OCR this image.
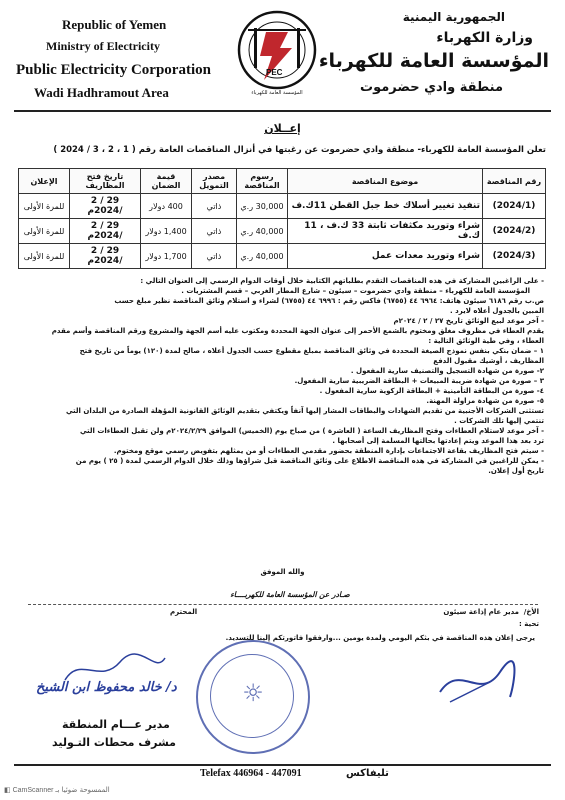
Republic of Yemen
Ministry of Electricity
Public Electricity Corporation
Wadi Hadhramout Area
PEC
المؤسسة العامة للكهرباء
الجمهورية اليمنية
وزارة الكهرباء
المؤسسة العامة للكهرباء
منطقة وادي حضرموت
إعــلان
تعلن المؤسسة العامة للكهرباء- منطقة وادي حضرموت عن رغبتها في أنزال المناقصات العامة رقم ( 1 ، 2 ، 3 / 2024 )
رقم المناقصة	موضوع المناقصة	رسوم المناقصة	مصدر التمويل	قيمة الضمان	تاريخ فتح المظاريف	الإعلان
(2024/1)	تنفيذ تغيير أسلاك خط جبل القطن 11ك.ف	30,000 ر.ي	ذاتي	400 دولار	29 / 2 /2024م	للمرة الأولى
(2024/2)	شراء وتوريد مكثفات ثابتة 33 ك.ف ، 11 ك.ف	40,000 ر.ي	ذاتي	1,400 دولار	29 / 2 /2024م	للمرة الأولى
(2024/3)	شراء وتوريد معدات عمل	40,000 ر.ي	ذاتي	1,700 دولار	29 / 2 /2024م	للمرة الأولى

- على الراغبين المشاركة في هذه المناقصات التقدم بطلباتهم الكتابية خلال أوقات الدوام الرسمي إلى العنوان التالي :

المؤسسة العامة للكهرباء – منطقة وادي حضرموت – سيئون – شارع المطار الغربي – قسم المشتريات .

ص.ب رقم ٦١٨٦ سيئون هاتف: ٦٩٦٤ ٤٤ (٦٧٥٥) فاكس رقم : ٦٩٩٦ ٤٤ (٦٧٥٥) لشراء و استلام وثائق المناقصة نظير مبلغ حسب

المبين بالجدول أعلاه لايرد .

- آخر موعد لبيع الوثائق تاريخ ٢٧ / ٢ / ٢٠٢٤م

يقدم العطاء في مظروف مغلق ومختوم بالشمع الأحمر إلى عنوان الجهة المحددة ومكتوب عليه أسم الجهة والمشروع ورقم المناقصة وأسم مقدم

العطاء ، وفي طية الوثائق التالية :

١ – ضمان بنكي بنفس نموذج الصيغة المحددة في وثائق المناقصة بمبلغ مقطوع حسب الجدول أعلاه ، صالح لمدة (١٢٠) يوماً من تاريخ فتح

المظاريف ، أوشيك مقبول الدفع

٢- صورة من شهادة التسجيل والتصنيف سارية المفعول .

٣ – صورة من شهادة ضريبة المبيعات + البطاقة الضريبية سارية المفعول.

٤- صورة من البطاقة التأمينية + البطاقة الزكوية سارية المفعول .

٥- صورة من شهادة مزاولة المهنة.

تستثنى الشركات الأجنبية من تقديم الشهادات والبطاقات المشار إليها آنفاً ويكتفي بتقديم الوثائق القانونية المؤهلة الصادرة من البلدان التي

تنتمي إليها تلك الشركات .

- آخر موعد لاستلام العطاءات وفتح المظاريف الساعة ( العاشرة ) من صباح يوم (الخميس) الموافق ٢٠٢٤/٢/٢٩م ولن تقبل العطاءات التي

ترد بعد هذا الموعد ويتم إعادتها بحالتها المسلمة إلى أصحابها .

- سيتم فتح المظاريف بقاعة الاجتماعات بإدارة المنطقة بحضور مقدمي العطاءات أو من يمثلهم بتفويض رسمي موقع ومختوم.

- يمكن للراغبين في المشاركة في هذه المناقصة الاطلاع على وثائق المناقصة قبل شراؤها وذلك خلال الدوام الرسمي لمدة ( ٢٥ ) يوم من

تاريخ أول إعلان.

والله الموفق
صـادر عن المؤسسة العامة للكهربــــاء
الأخ/
مدير عام إذاعة سيئون
المحترم
تحية :
يرجى إعلان هذه المناقصة في بثكم اليومي ولمدة يومين ...وارفقوا فاتورتكم إلينا للتسديد.
☼
د/ خالد محفوظ ابن الشيخ
مدير عـــام المنطقة
مشرف محطات التـوليد
Telefax 446964 - 447091	تليفاكس
◧ CamScanner الممسوحة ضوئيا بـ
